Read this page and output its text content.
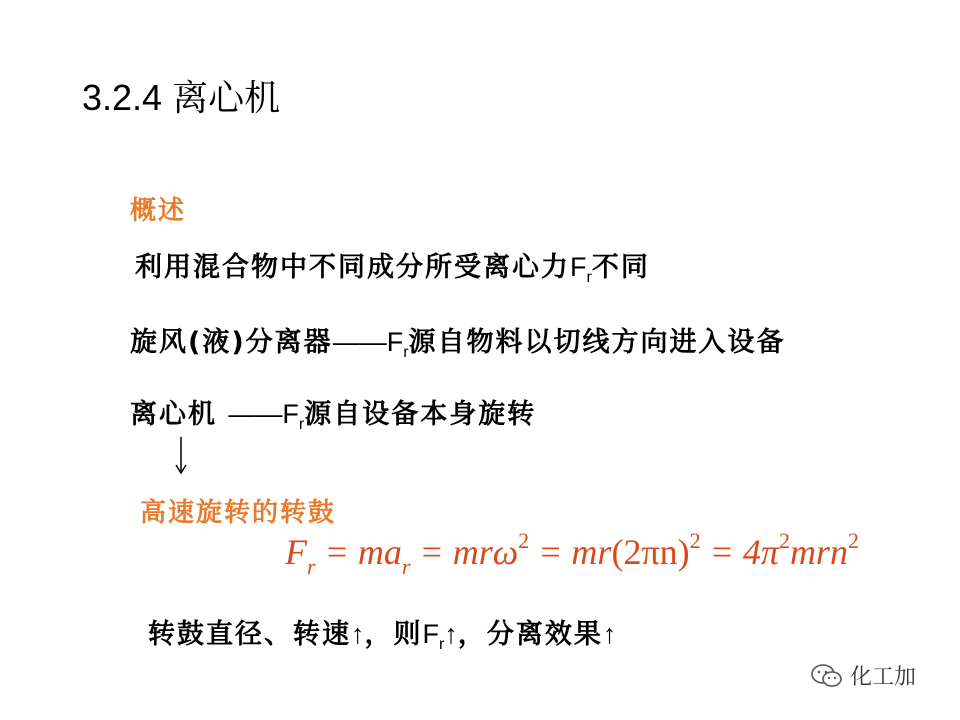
3.2.4 离心机
概述
利用混合物中不同成分所受离心力$F_r$不同
旋风(液)分离器$——F_r$源自物料以切线方向进入设备
离心机 $——F_r$源自设备本身旋转
高速旋转的转鼓
$F_r = ma_r = mr\omega^2 = mr(2\pi n)^2 = 4\pi^2mrn^2$
转鼓直径、转速↑，则$F_r↑$，分离效果↑
化工加
